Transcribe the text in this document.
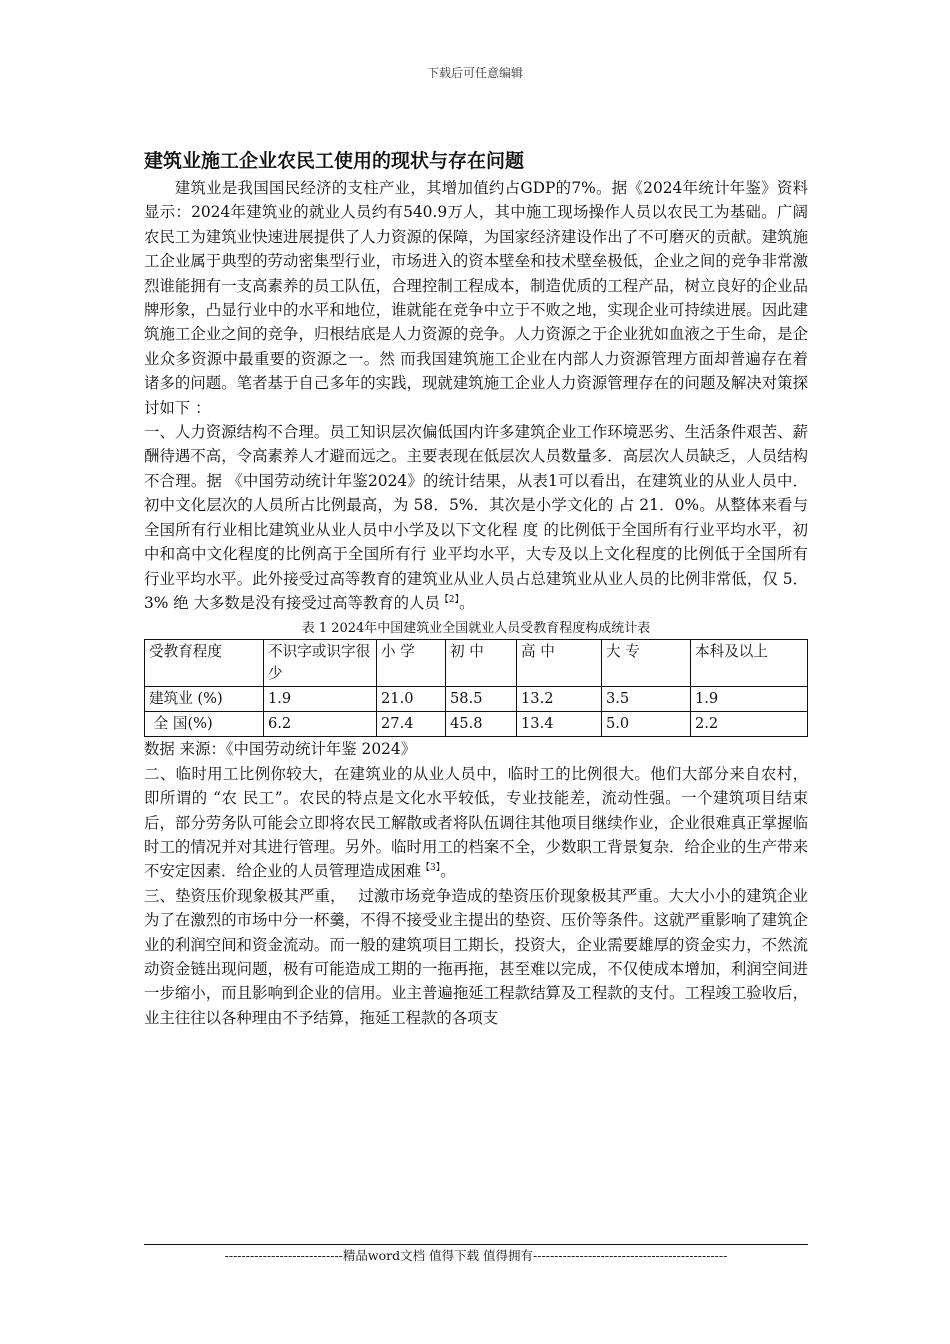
下载后可任意编辑
建筑业施工企业农民工使用的现状与存在问题

建筑业是我国国民经济的支柱产业，其增加值约占GDP的7%。据《2024年统计年鉴》资料显示：2024年建筑业的就业人员约有540.9万人，其中施工现场操作人员以农民工为基础。广阔农民工为建筑业快速进展提供了人力资源的保障，为国家经济建设作出了不可磨灭的贡献。建筑施工企业属于典型的劳动密集型行业，市场进入的资本壁垒和技术壁垒极低，企业之间的竞争非常激烈谁能拥有一支高素养的员工队伍，合理控制工程成本，制造优质的工程产品，树立良好的企业品牌形象，凸显行业中的水平和地位，谁就能在竞争中立于不败之地，实现企业可持续进展。因此建筑施工企业之间的竞争，归根结底是人力资源的竞争。人力资源之于企业犹如血液之于生命，是企业众多资源中最重要的资源之一。然 而我国建筑施工企业在内部人力资源管理方面却普遍存在着诸多的问题。笔者基于自己多年的实践，现就建筑施工企业人力资源管理存在的问题及解决对策探讨如下 ：

一、人力资源结构不合理。员工知识层次偏低国内许多建筑企业工作环境恶劣、生活条件艰苦、薪酬待遇不高，令高素养人才避而远之。主要表现在低层次人员数量多．高层次人员缺乏，人员结构不合理。据 《中国劳动统计年鉴2024》的统计结果，从表1可以看出，在建筑业的从业人员中．初中文化层次的人员所占比例最高，为 58．5%．其次是小学文化的 占 21．0%。从整体来看与全国所有行业相比建筑业从业人员中小学及以下文化程 度 的比例低于全国所有行业平均水平，初中和高中文化程度的比例高于全国所有行 业平均水平，大专及以上文化程度的比例低于全国所有行业平均水平。此外接受过高等教育的建筑业从业人员占总建筑业从业人员的比例非常低，仅 5．3% 绝 大多数是没有接受过高等教育的人员$^{【2】}$。

表 1 2024年中国建筑业全国就业人员受教育程度构成统计表
受教育程度	不识字或识字很少	小 学	初 中	高 中	大 专	本科及以上
建筑业 (%)	1.9	21.0	58.5	13.2	3.5	1.9
全 国(%)	6.2	27.4	45.8	13.4	5.0	2.2

数据 来源：《中国劳动统计年鉴 2024》

二、临时用工比例你较大，在建筑业的从业人员中，临时工的比例很大。他们大部分来自农村， 即所谓的 “农 民工”。农民的特点是文化水平较低，专业技能差，流动性强。一个建筑项目结束后，部分劳务队可能会立即将农民工解散或者将队伍调往其他项目继续作业，企业很难真正掌握临时工的情况并对其进行管理。另外。临时用工的档案不全，少数职工背景复杂．给企业的生产带来不安定因素．给企业的人员管理造成困难$^{【3】}$。

三、垫资压价现象极其严重，　 过激市场竞争造成的垫资压价现象极其严重。大大小小的建筑企业为了在激烈的市场中分一杯羹，不得不接受业主提出的垫资、压价等条件。这就严重影响了建筑企业的利润空间和资金流动。而一般的建筑项目工期长，投资大，企业需要雄厚的资金实力，不然流动资金链出现问题，极有可能造成工期的一拖再拖，甚至难以完成，不仅使成本增加，利润空间进一步缩小，而且影响到企业的信用。业主普遍拖延工程款结算及工程款的支付。工程竣工验收后，业主往往以各种理由不予结算，拖延工程款的各项支

----------------------------精品word文档 值得下载 值得拥有----------------------------------------------
